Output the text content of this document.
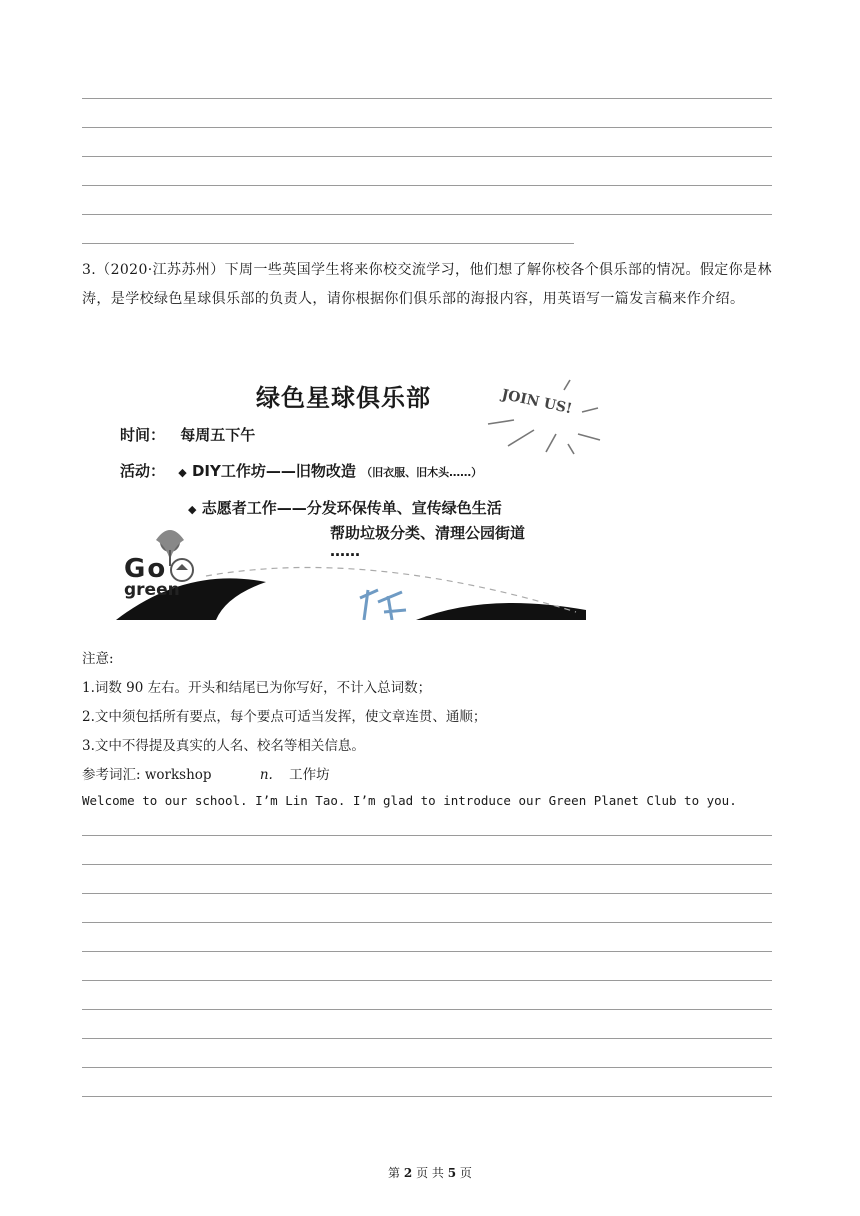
3.（2020·江苏苏州）下周一些英国学生将来你校交流学习，他们想了解你校各个俱乐部的情况。假定你是林涛，是学校绿色星球俱乐部的负责人，请你根据你们俱乐部的海报内容，用英语写一篇发言稿来作介绍。
绿色星球俱乐部	JOIN US!
时间： 每周五下午
活动： ◆ DIY工作坊——旧物改造 （旧衣服、旧木头……）
◆ 志愿者工作——分发环保传单、宣传绿色生活
帮助垃圾分类、清理公园街道
……
Go
green
注意:
1.词数 90 左右。开头和结尾已为你写好，不计入总词数；
2.文中须包括所有要点，每个要点可适当发挥，使文章连贯、通顺；
3.文中不得提及真实的人名、校名等相关信息。
参考词汇: workshop	n. 工作坊
Welcome to our school. I’m Lin Tao. I’m glad to introduce our Green Planet Club to you.
第 2 页 共 5 页
